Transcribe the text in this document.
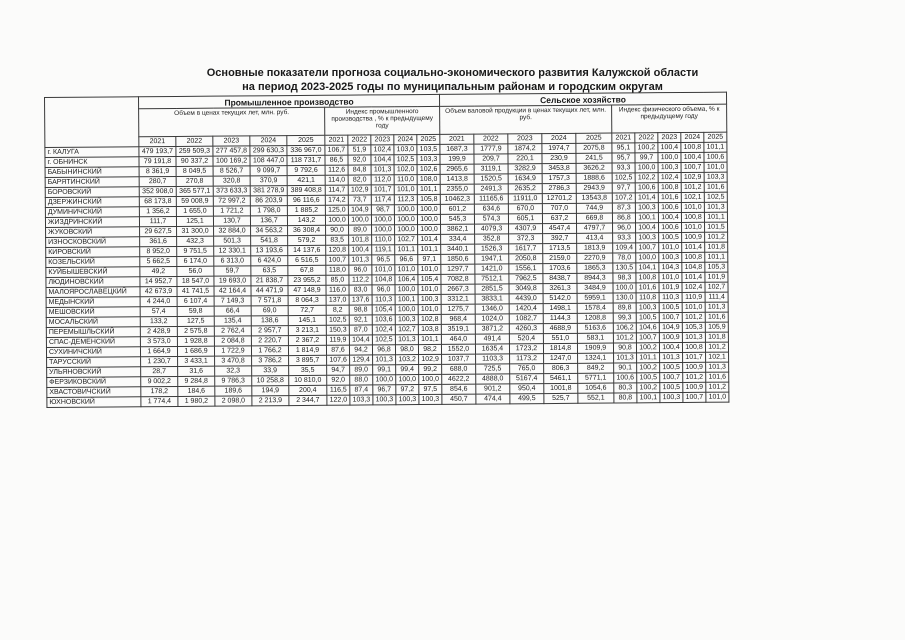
Основные показатели прогноза социально-экономического развития Калужской области
на период 2023-2025 годы по муниципальным районам и городским округам
	Промышленное производство										Сельское хозяйство									
	Объем в ценах текущих лет, млн. руб.					Индекс промышленного производства , % к предыдущему году					Объем валовой продукции в ценах текущих лет, млн. руб.					Индекс физического объема, % к предыдущему году				
	2021	2022	2023	2024	2025	2021	2022	2023	2024	2025	2021	2022	2023	2024	2025	2021	2022	2023	2024	2025
г. КАЛУГА	479 193,7	259 509,3	277 457,8	299 630,3	336 967,0	106,7	51,9	102,4	103,0	103,5	1687,3	1777,9	1874,2	1974,7	2075,8	95,1	100,2	100,4	100,8	101,1
г. ОБНИНСК	79 191,8	90 337,2	100 169,2	108 447,0	118 731,7	86,5	92,0	104,4	102,5	103,3	199,9	209,7	220,1	230,9	241,5	95,7	99,7	100,0	100,4	100,6
БАБЫНИНСКИЙ	8 361,9	8 049,5	8 526,7	9 099,7	9 792,6	112,6	84,8	101,3	102,0	102,6	2965,6	3119,1	3282,9	3453,8	3626,2	93,3	100,0	100,3	100,7	101,0
БАРЯТИНСКИЙ	280,7	270,8	320,8	370,9	421,1	114,0	82,0	112,0	110,0	108,0	1413,8	1520,5	1634,9	1757,3	1888,6	102,5	102,2	102,4	102,9	103,3
БОРОВСКИЙ	352 908,0	365 577,1	373 633,3	381 278,9	389 408,8	114,7	102,9	101,7	101,0	101,1	2355,0	2491,3	2635,2	2786,3	2943,9	97,7	100,6	100,8	101,2	101,6
ДЗЕРЖИНСКИЙ	68 173,8	59 008,9	72 997,2	86 203,9	96 116,6	174,2	73,7	117,4	112,3	105,8	10462,3	11165,6	11911,0	12701,2	13543,8	107,2	101,4	101,6	102,1	102,5
ДУМИНИЧСКИЙ	1 356,2	1 655,0	1 721,2	1 798,0	1 885,2	125,0	104,9	98,7	100,0	100,0	601,2	634,6	670,0	707,0	744,9	87,3	100,3	100,6	101,0	101,3
ЖИЗДРИНСКИЙ	111,7	125,1	130,7	136,7	143,2	100,0	100,0	100,0	100,0	100,0	545,3	574,3	605,1	637,2	669,8	86,8	100,1	100,4	100,8	101,1
ЖУКОВСКИЙ	29 627,5	31 300,0	32 884,0	34 563,2	36 308,4	90,0	89,0	100,0	100,0	100,0	3862,1	4079,3	4307,9	4547,4	4797,7	96,0	100,4	100,6	101,0	101,5
ИЗНОСКОВСКИЙ	361,6	432,3	501,3	541,8	579,2	83,5	101,8	110,0	102,7	101,4	334,4	352,8	372,3	392,7	413,4	93,3	100,3	100,5	100,9	101,2
КИРОВСКИЙ	8 952,0	9 751,5	12 330,1	13 193,6	14 137,6	120,8	100,4	119,1	101,1	101,1	3440,1	1526,3	1617,7	1713,5	1813,9	109,4	100,7	101,0	101,4	101,8
КОЗЕЛЬСКИЙ	5 662,5	6 174,0	6 313,0	6 424,0	6 516,5	100,7	101,3	96,5	96,6	97,1	1850,6	1947,1	2050,8	2159,0	2270,9	78,0	100,0	100,3	100,8	101,1
КУЙБЫШЕВСКИЙ	49,2	56,0	59,7	63,5	67,8	118,0	96,0	101,0	101,0	101,0	1297,7	1421,0	1556,1	1703,6	1865,3	130,5	104,1	104,3	104,8	105,3
ЛЮДИНОВСКИЙ	14 952,7	18 547,0	19 693,0	21 838,7	23 955,2	85,0	112,2	104,8	106,4	105,4	7082,8	7512,1	7962,5	8438,7	8944,3	98,3	100,8	101,0	101,4	101,9
МАЛОЯРОСЛАВЕЦКИЙ	42 673,9	41 741,5	42 164,4	44 471,9	47 148,9	116,0	83,0	96,0	100,0	101,0	2667,3	2851,5	3049,8	3261,3	3484,9	100,0	101,6	101,9	102,4	102,7
МЕДЫНСКИЙ	4 244,0	6 107,4	7 149,3	7 571,8	8 064,3	137,0	137,6	110,3	100,1	100,3	3312,1	3833,1	4439,0	5142,0	5959,1	130,0	110,8	110,3	110,9	111,4
МЕШОВСКИЙ	57,4	59,8	66,4	69,0	72,7	8,2	98,8	105,4	100,0	101,0	1275,7	1346,0	1420,4	1498,1	1578,4	89,8	100,3	100,5	101,0	101,3
МОСАЛЬСКИЙ	133,2	127,5	135,4	138,6	145,1	102,5	92,1	103,6	100,3	102,8	968,4	1024,0	1082,7	1144,3	1208,8	99,3	100,5	100,7	101,2	101,6
ПЕРЕМЫШЛЬСКИЙ	2 428,9	2 575,8	2 762,4	2 957,7	3 213,1	150,3	87,0	102,4	102,7	103,8	3519,1	3871,2	4260,3	4688,9	5163,6	106,2	104,6	104,9	105,3	105,9
СПАС-ДЕМЕНСКИЙ	3 573,0	1 928,8	2 084,8	2 220,7	2 367,2	119,9	104,4	102,5	101,3	101,1	464,0	491,4	520,4	551,0	583,1	101,2	100,7	100,9	101,3	101,8
СУХИНИЧСКИЙ	1 664,9	1 686,9	1 722,9	1 766,2	1 814,9	87,6	94,2	96,8	98,0	98,2	1552,0	1635,4	1723,2	1814,8	1909,9	90,8	100,2	100,4	100,8	101,2
ТАРУССКИЙ	1 230,7	3 433,1	3 470,8	3 786,2	3 895,7	107,6	129,4	101,3	103,2	102,9	1037,7	1103,3	1173,2	1247,0	1324,1	101,3	101,1	101,3	101,7	102,1
УЛЬЯНОВСКИЙ	28,7	31,6	32,3	33,9	35,5	94,7	89,0	99,1	99,4	99,2	688,0	725,5	765,0	806,3	849,2	90,1	100,2	100,5	100,9	101,3
ФЕРЗИКОВСКИЙ	9 002,2	9 284,8	9 786,3	10 258,8	10 810,0	92,0	88,0	100,0	100,0	100,0	4622,2	4888,0	5167,4	5461,1	5771,1	100,6	100,5	100,7	101,2	101,6
ХВАСТОВИЧСКИЙ	178,2	184,6	189,6	194,9	200,4	116,5	87,4	96,7	97,2	97,5	854,6	901,2	950,4	1001,8	1054,6	80,3	100,2	100,5	100,9	101,2
ЮХНОВСКИЙ	1 774,4	1 980,2	2 098,0	2 213,9	2 344,7	122,0	103,3	100,3	100,3	100,3	450,7	474,4	499,5	525,7	552,1	80,8	100,1	100,3	100,7	101,0
